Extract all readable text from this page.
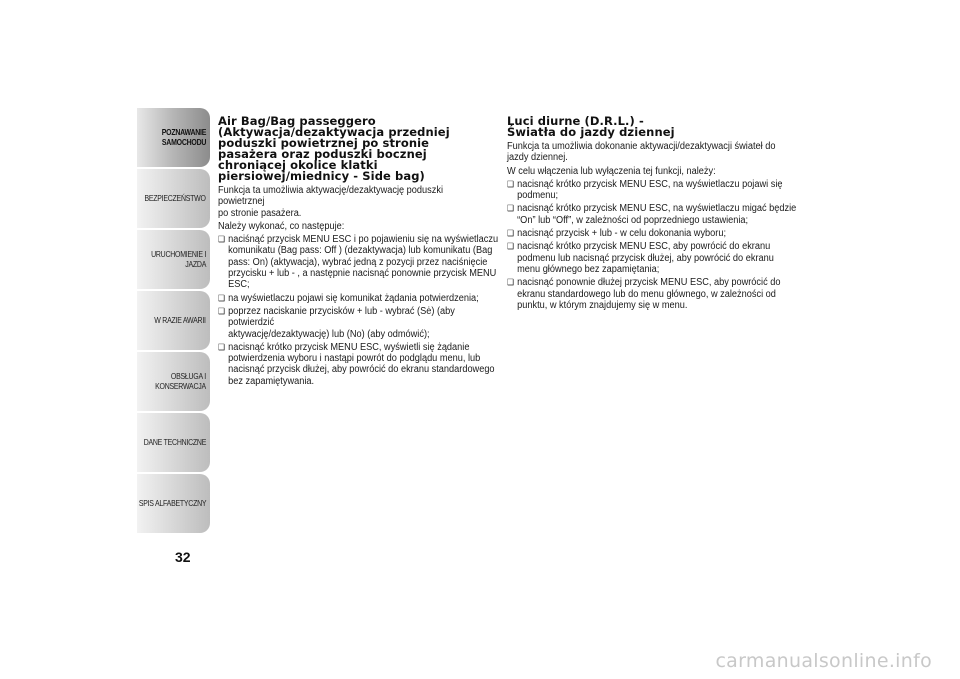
POZNAWANIE
SAMOCHODU
BEZPIECZEŃSTWO
URUCHOMIENIE I
JAZDA
W RAZIE AWARII
OBSŁUGA I
KONSERWACJA
DANE TECHNICZNE
SPIS ALFABETYCZNY
32
Air Bag/Bag passeggero
(Aktywacja/dezaktywacja przedniej
poduszki powietrznej po stronie
pasażera oraz poduszki bocznej
chroniącej okolice klatki
piersiowej/miednicy - Side bag)

Funkcja ta umożliwia aktywację/dezaktywację poduszki powietrznej
po stronie pasażera.

Należy wykonać, co następuje:

❑ naciśnąć przycisk MENU ESC i po pojawieniu się na wyświetlaczu
komunikatu (Bag pass: Off ) (dezaktywacja) lub komunikatu (Bag
pass: On) (aktywacja), wybrać jedną z pozycji przez naciśnięcie
przycisku + lub - , a następnie nacisnąć ponownie przycisk MENU
ESC;
❑ na wyświetlaczu pojawi się komunikat żądania potwierdzenia;
❑ poprzez naciskanie przycisków + lub - wybrać (Sė) (aby potwierdzić
aktywację/dezaktywację) lub (No) (aby odmówić);
❑ nacisnąć krótko przycisk MENU ESC, wyświetli się żądanie
potwierdzenia wyboru i nastąpi powrót do podglądu menu, lub
nacisnąć przycisk dłużej, aby powrócić do ekranu standardowego
bez zapamiętywania.
Luci diurne (D.R.L.) -
Światła do jazdy dziennej

Funkcja ta umożliwia dokonanie aktywacji/dezaktywacji świateł do
jazdy dziennej.

W celu włączenia lub wyłączenia tej funkcji, należy:

❑ nacisnąć krótko przycisk MENU ESC, na wyświetlaczu pojawi się
podmenu;
❑ nacisnąć krótko przycisk MENU ESC, na wyświetlaczu migać będzie
“On” lub “Off”, w zależności od poprzedniego ustawienia;
❑ nacisnąć przycisk + lub - w celu dokonania wyboru;
❑ nacisnąć krótko przycisk MENU ESC, aby powrócić do ekranu
podmenu lub nacisnąć przycisk dłużej, aby powrócić do ekranu
menu głównego bez zapamiętania;
❑ nacisnąć ponownie dłużej przycisk MENU ESC, aby powrócić do
ekranu standardowego lub do menu głównego, w zależności od
punktu, w którym znajdujemy się w menu.
carmanualsonline.info
